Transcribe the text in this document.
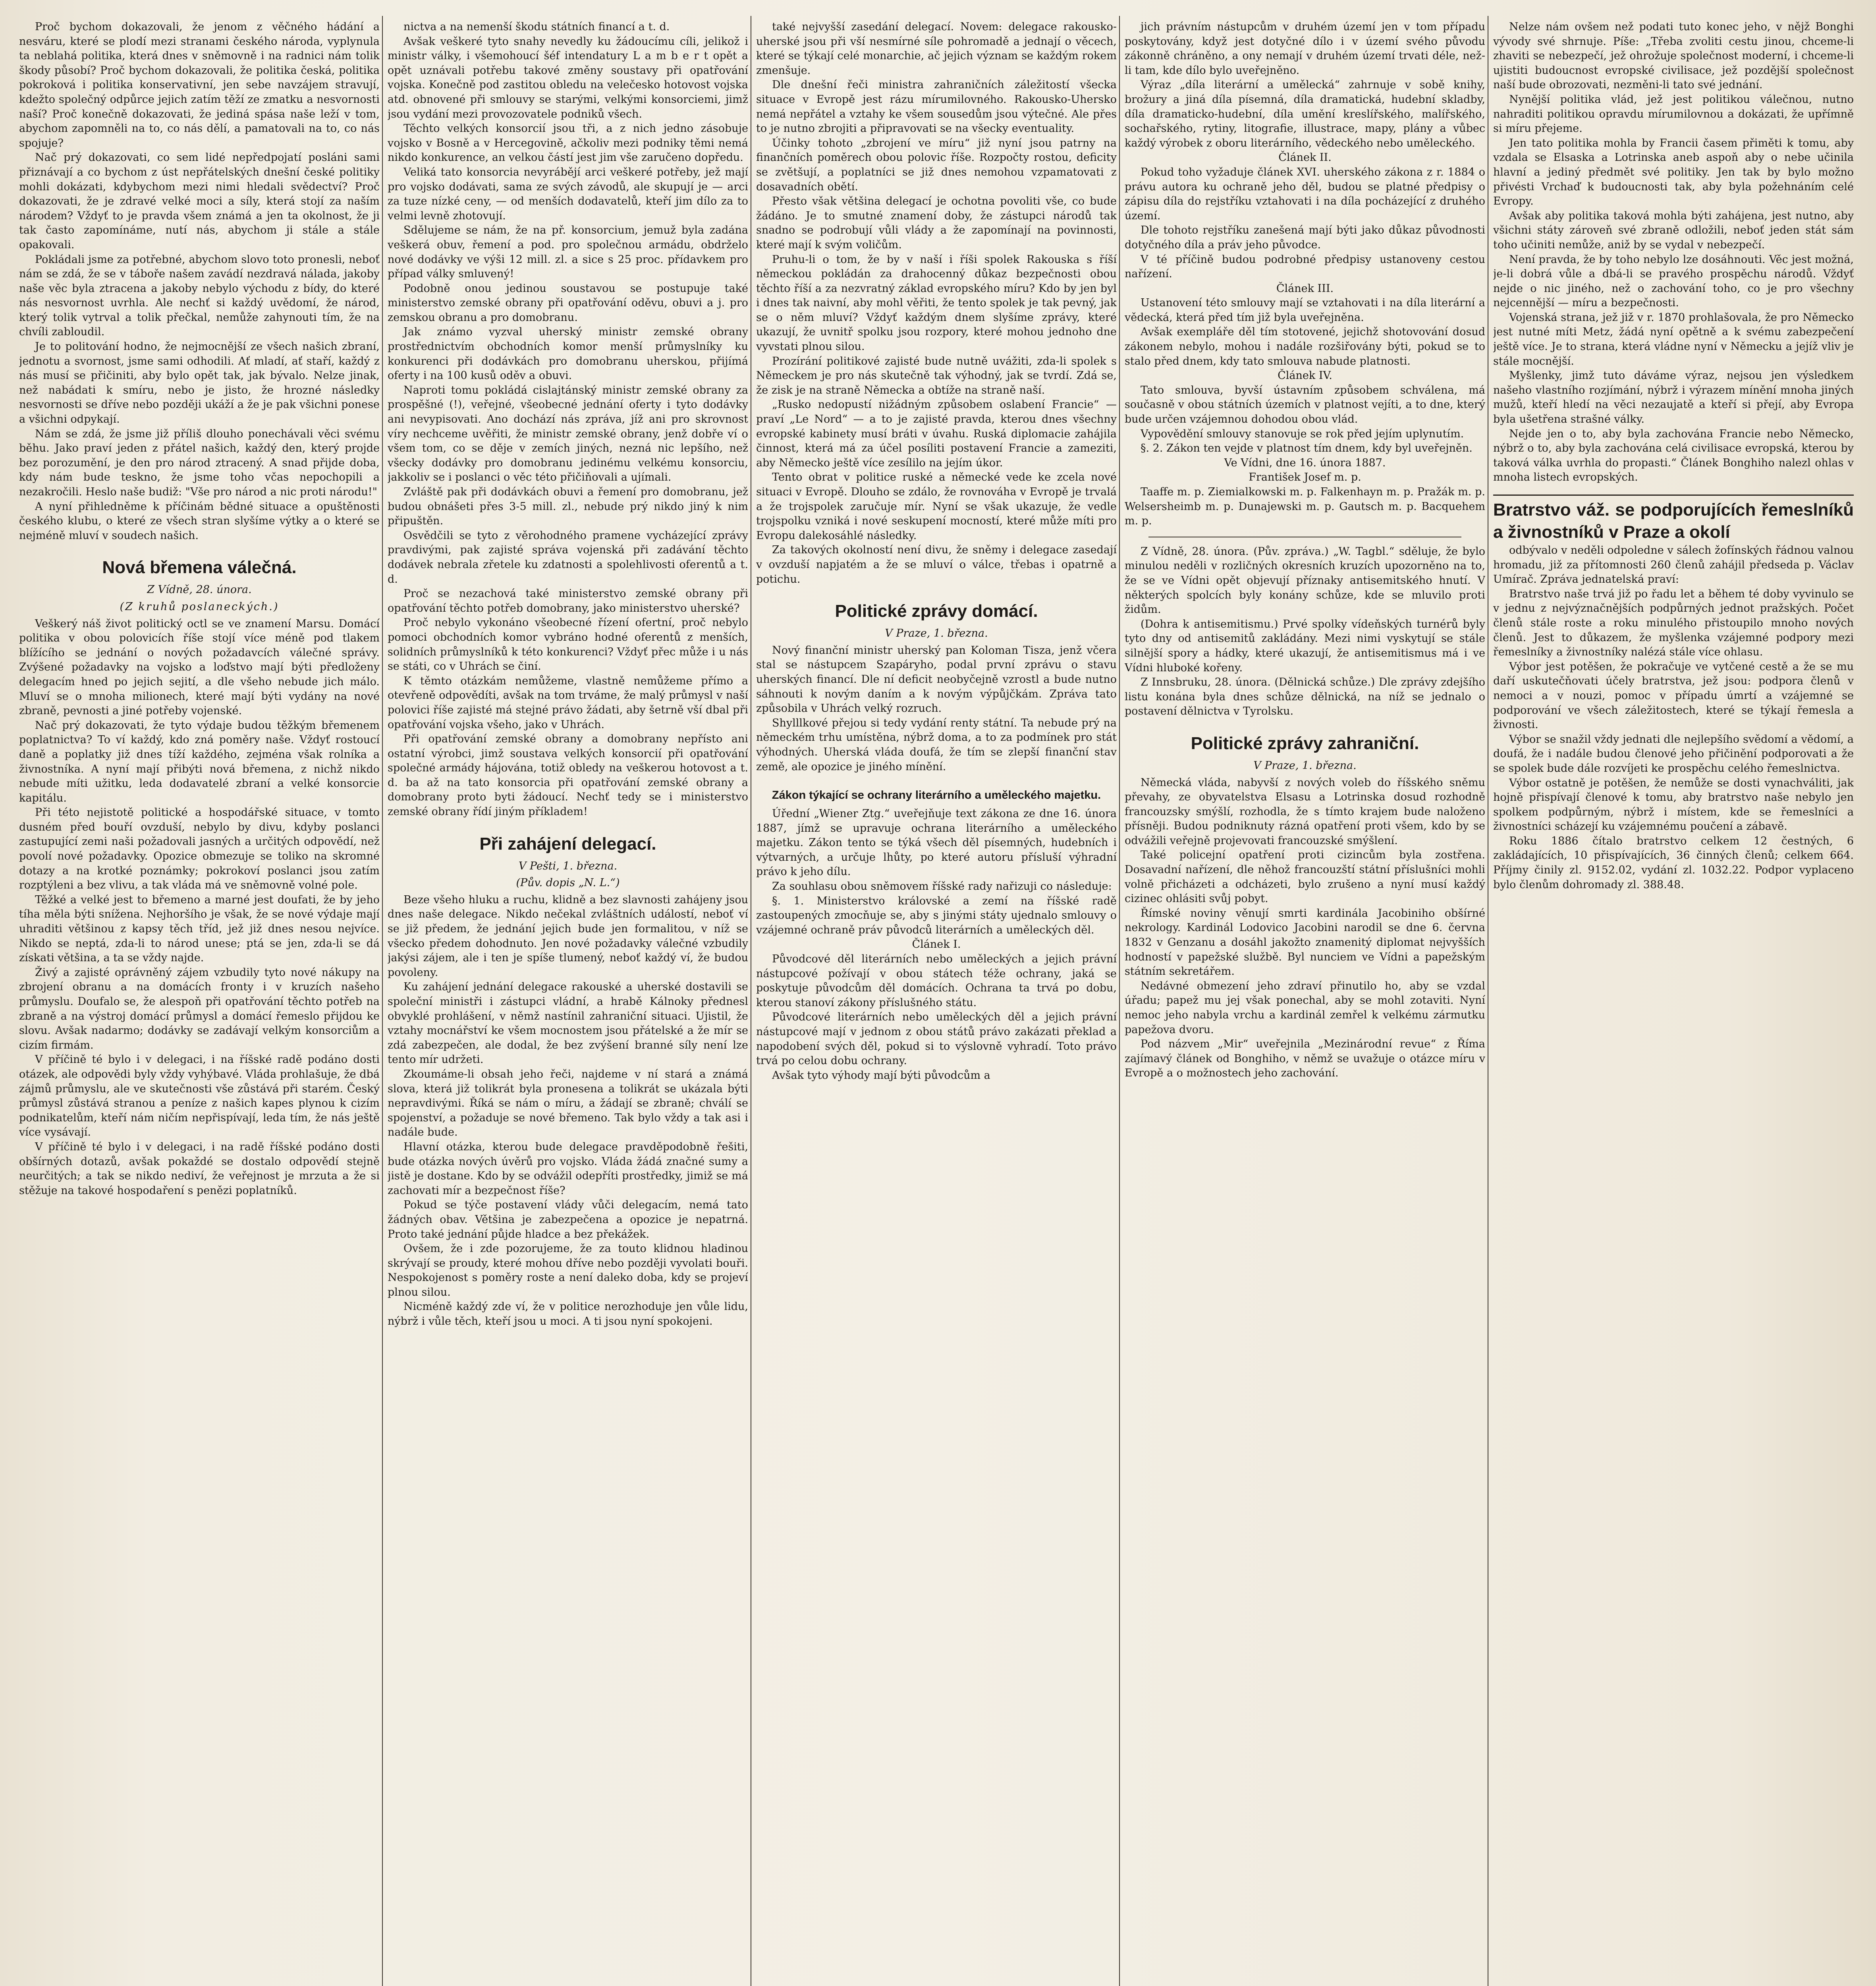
Proč bychom dokazovali, že jenom z věčného hádání a nesváru, které se plodí mezi stranami českého národa, vyplynula ta neblahá politika, která dnes v sněmovně i na radnici nám tolik škody působí? Proč bychom dokazovali, že politika česká, politika pokroková i politika konservativní, jen sebe navzájem stravují, kdežto společný odpůrce jejich zatím těží ze zmatku a nesvornosti naší? Proč konečně dokazovati, že jediná spása naše leží v tom, abychom zapomněli na to, co nás dělí, a pamatovali na to, co nás spojuje?

Nač prý dokazovati, co sem lidé nepředpojatí posláni sami přiznávají a co bychom z úst nepřátelských dnešní české politiky mohli dokázati, kdybychom mezi nimi hledali svědectví? Proč dokazovati, že je zdravé velké moci a síly, která stojí za naším národem? Vždyť to je pravda všem známá a jen ta okolnost, že ji tak často zapomínáme, nutí nás, abychom ji stále a stále opakovali.

Pokládali jsme za potřebné, abychom slovo toto pronesli, neboť nám se zdá, že se v táboře našem zavádí nezdravá nálada, jakoby naše věc byla ztracena a jakoby nebylo východu z bídy, do které nás nesvornost uvrhla. Ale nechť si každý uvědomí, že národ, který tolik vytrval a tolik přečkal, nemůže zahynouti tím, že na chvíli zabloudil.

Je to politování hodno, že nejmocnější ze všech našich zbraní, jednotu a svornost, jsme sami odhodili. Ať mladí, ať staří, každý z nás musí se přičiniti, aby bylo opět tak, jak bývalo. Nelze jinak, než nabádati k smíru, nebo je jisto, že hrozné následky nesvornosti se dříve nebo později ukáží a že je pak všichni ponese a všichni odpykají.

Nám se zdá, že jsme již příliš dlouho ponechávali věci svému běhu. Jako praví jeden z přátel našich, každý den, který projde bez porozumění, je den pro národ ztracený. A snad přijde doba, kdy nám bude teskno, že jsme toho včas nepochopili a nezakročili. Heslo naše budiž: "Vše pro národ a nic proti národu!"

A nyní přihledněme k příčinám bědné situace a opuštěnosti českého klubu, o které ze všech stran slyšíme výtky a o které se nejméně mluví v soudech našich.

Nová břemena válečná.
Z Vídně, 28. února.
(Z kruhů poslaneckých.)

Veškerý náš život politický octl se ve znamení Marsu. Domácí politika v obou polovicích říše stojí více méně pod tlakem blížícího se jednání o nových požadavcích válečné správy. Zvýšené požadavky na vojsko a loďstvo mají býti předloženy delegacím hned po jejich sejití, a dle všeho nebude jich málo. Mluví se o mnoha milionech, které mají býti vydány na nové zbraně, pevnosti a jiné potřeby vojenské.

Nač prý dokazovati, že tyto výdaje budou těžkým břemenem poplatnictva? To ví každý, kdo zná poměry naše. Vždyť rostoucí daně a poplatky již dnes tíží každého, zejména však rolníka a živnostníka. A nyní mají přibýti nová břemena, z nichž nikdo nebude míti užitku, leda dodavatelé zbraní a velké konsorcie kapitálu.

Při této nejistotě politické a hospodářské situace, v tomto dusném před bouří ovzduší, nebylo by divu, kdyby poslanci zastupující zemi naši požadovali jasných a určitých odpovědí, než povolí nové požadavky. Opozice obmezuje se toliko na skromné dotazy a na krotké poznámky; pokrokoví poslanci jsou zatím rozptýleni a bez vlivu, a tak vláda má ve sněmovně volné pole.

Těžké a velké jest to břemeno a marné jest doufati, že by jeho tíha měla býti snížena. Nejhoršího je však, že se nové výdaje mají uhraditi většinou z kapsy těch tříd, jež již dnes nesou nejvíce. Nikdo se neptá, zda-li to národ unese; ptá se jen, zda-li se dá získati většina, a ta se vždy najde.

Živý a zajisté oprávněný zájem vzbudily tyto nové nákupy na zbrojení obranu a na domácích fronty i v kruzích našeho průmyslu. Doufalo se, že alespoň při opatřování těchto potřeb na zbraně a na výstroj domácí průmysl a domácí řemeslo přijdou ke slovu. Avšak nadarmo; dodávky se zadávají velkým konsorciům a cizím firmám.

V příčině té bylo i v delegaci, i na říšské radě podáno dosti otázek, ale odpovědi byly vždy vyhýbavé. Vláda prohlašuje, že dbá zájmů průmyslu, ale ve skutečnosti vše zůstává při starém. Český průmysl zůstává stranou a peníze z našich kapes plynou k cizím podnikatelům, kteří nám ničím nepřispívají, leda tím, že nás ještě více vysávají.

V příčině té bylo i v delegaci, i na radě říšské podáno dosti obšírných dotazů, avšak pokaždé se dostalo odpovědí stejně neurčitých; a tak se nikdo nediví, že veřejnost je mrzuta a že si stěžuje na takové hospodaření s penězi poplatníků.

nictva a na nemenší škodu státních financí a t. d.

Avšak veškeré tyto snahy nevedly ku žádoucímu cíli, jelikož i ministr války, i všemohoucí šéf intendatury L a m b e r t opět a opět uznávali potřebu takové změny soustavy při opatřování vojska. Konečně pod zastitou obledu na velečesko hotovost vojska atd. obnovené při smlouvy se starými, velkými konsorciemi, jimž jsou vydání mezi provozovatele podniků všech.

Těchto velkých konsorcií jsou tři, a z nich jedno zásobuje vojsko v Bosně a v Hercegovině, ačkoliv mezi podniky těmi nemá nikdo konkurence, an velkou částí jest jim vše zaručeno dopředu.

Veliká tato konsorcia nevyrábějí arci veškeré potřeby, jež mají pro vojsko dodávati, sama ze svých závodů, ale skupují je — arci za tuze nízké ceny, — od menších dodavatelů, kteří jim dílo za to velmi levně zhotovují.

Sdělujeme se nám, že na př. konsorcium, jemuž byla zadána veškerá obuv, řemení a pod. pro společnou armádu, obdrželo nové dodávky ve výši 12 mill. zl. a sice s 25 proc. přídavkem pro případ války smluvený!

Podobně onou jedinou soustavou se postupuje také ministerstvo zemské obrany při opatřování oděvu, obuvi a j. pro zemskou obranu a pro domobranu.

Jak známo vyzval uherský ministr zemské obrany prostřednictvím obchodních komor menší průmyslníky ku konkurenci při dodávkách pro domobranu uherskou, přijímá oferty i na 100 kusů oděv a obuvi.

Naproti tomu pokládá cislajtánský ministr zemské obrany za prospěšné (!), veřejné, všeobecné jednání oferty i tyto dodávky ani nevypisovati. Ano dochází nás zpráva, jíž ani pro skrovnost víry nechceme uvěřiti, že ministr zemské obrany, jenž dobře ví o všem tom, co se děje v zemích jiných, nezná nic lepšího, než všecky dodávky pro domobranu jedinému velkému konsorciu, jakkoliv se i poslanci o věc této přičiňovali a ujímali.

Zvláště pak při dodávkách obuvi a řemení pro domobranu, jež budou obnášeti přes 3-5 mill. zl., nebude prý nikdo jiný k nim připuštěn.

Osvědčili se tyto z věrohodného pramene vycházející zprávy pravdivými, pak zajisté správa vojenská při zadávání těchto dodávek nebrala zřetele ku zdatnosti a spolehlivosti oferentů a t. d.

Proč se nezachová také ministerstvo zemské obrany při opatřování těchto potřeb domobrany, jako ministerstvo uherské?

Proč nebylo vykonáno všeobecné řízení ofertní, proč nebylo pomoci obchodních komor vybráno hodné oferentů z menších, solidních průmyslníků k této konkurenci? Vždyť přec může i u nás se státi, co v Uhrách se činí.

K těmto otázkám nemůžeme, vlastně nemůžeme přímo a otevřeně odpovědíti, avšak na tom trváme, že malý průmysl v naší polovici říše zajisté má stejné právo žádati, aby šetrně vší dbal při opatřování vojska všeho, jako v Uhrách.

Při opatřování zemské obrany a domobrany nepřísto ani ostatní výrobci, jimž soustava velkých konsorcií při opatřování společné armády hájována, totiž obledy na veškerou hotovost a t. d. ba až na tato konsorcia při opatřování zemské obrany a domobrany proto byti žádoucí. Nechť tedy se i ministerstvo zemské obrany řídí jiným příkladem!

Při zahájení delegací.
V Pešti, 1. března.
(Pův. dopis „N. L.“)

Beze všeho hluku a ruchu, klidně a bez slavnosti zahájeny jsou dnes naše delegace. Nikdo nečekal zvláštních událostí, neboť ví se již předem, že jednání jejich bude jen formalitou, v níž se všecko předem dohodnuto. Jen nové požadavky válečné vzbudily jakýsi zájem, ale i ten je spíše tlumený, neboť každý ví, že budou povoleny.

Ku zahájení jednání delegace rakouské a uherské dostavili se společní ministři i zástupci vládní, a hrabě Kálnoky přednesl obvyklé prohlášení, v němž nastínil zahraniční situaci. Ujistil, že vztahy mocnářství ke všem mocnostem jsou přátelské a že mír se zdá zabezpečen, ale dodal, že bez zvýšení branné síly není lze tento mír udržeti.

Zkoumáme-li obsah jeho řeči, najdeme v ní stará a známá slova, která již tolikrát byla pronesena a tolikrát se ukázala býti nepravdivými. Říká se nám o míru, a žádají se zbraně; chválí se spojenství, a požaduje se nové břemeno. Tak bylo vždy a tak asi i nadále bude.

Hlavní otázka, kterou bude delegace pravděpodobně řešiti, bude otázka nových úvěrů pro vojsko. Vláda žádá značné sumy a jistě je dostane. Kdo by se odvážil odepříti prostředky, jimiž se má zachovati mír a bezpečnost říše?

Pokud se týče postavení vlády vůči delegacím, nemá tato žádných obav. Většina je zabezpečena a opozice je nepatrná. Proto také jednání půjde hladce a bez překážek.

Ovšem, že i zde pozorujeme, že za touto klidnou hladinou skrývají se proudy, které mohou dříve nebo později vyvolati bouři. Nespokojenost s poměry roste a není daleko doba, kdy se projeví plnou silou.

Nicméně každý zde ví, že v politice nerozhoduje jen vůle lidu, nýbrž i vůle těch, kteří jsou u moci. A ti jsou nyní spokojeni.

také nejvyšší zasedání delegací. Novem: delegace rakousko-uherské jsou při vší nesmírné síle pohromadě a jednají o věcech, které se týkají celé monarchie, ač jejich význam se každým rokem zmenšuje.

Dle dnešní řeči ministra zahraničních záležitostí všecka situace v Evropě jest rázu mírumilovného. Rakousko-Uhersko nemá nepřátel a vztahy ke všem sousedům jsou výtečné. Ale přes to je nutno zbrojiti a připravovati se na všecky eventuality.

Účinky tohoto „zbrojení ve míru“ již nyní jsou patrny na finančních poměrech obou polovic říše. Rozpočty rostou, deficity se zvětšují, a poplatníci se již dnes nemohou vzpamatovati z dosavadních obětí.

Přesto však většina delegací je ochotna povoliti vše, co bude žádáno. Je to smutné znamení doby, že zástupci národů tak snadno se podrobují vůli vlády a že zapomínají na povinnosti, které mají k svým voličům.

Pruhu-li o tom, že by v naší i říši spolek Rakouska s říší německou pokládán za drahocenný důkaz bezpečnosti obou těchto říší a za nezvratný základ evropského míru? Kdo by jen byl i dnes tak naivní, aby mohl věřiti, že tento spolek je tak pevný, jak se o něm mluví? Vždyť každým dnem slyšíme zprávy, které ukazují, že uvnitř spolku jsou rozpory, které mohou jednoho dne vyvstati plnou silou.

Prozírání politikové zajisté bude nutně uvážiti, zda-li spolek s Německem je pro nás skutečně tak výhodný, jak se tvrdí. Zdá se, že zisk je na straně Německa a obtíže na straně naší.

„Rusko nedopustí nižádným způsobem oslabení Francie“ — praví „Le Nord“ — a to je zajisté pravda, kterou dnes všechny evropské kabinety musí bráti v úvahu. Ruská diplomacie zahájila činnost, která má za účel posíliti postavení Francie a zameziti, aby Německo ještě více zesílilo na jejím úkor.

Tento obrat v politice ruské a německé vede ke zcela nové situaci v Evropě. Dlouho se zdálo, že rovnováha v Evropě je trvalá a že trojspolek zaručuje mír. Nyní se však ukazuje, že vedle trojspolku vzniká i nové seskupení mocností, které může míti pro Evropu dalekosáhlé následky.

Za takových okolností není divu, že sněmy i delegace zasedají v ovzduší napjatém a že se mluví o válce, třebas i opatrně a potichu.

Politické zprávy domácí.
V Praze, 1. března.

Nový finanční ministr uherský pan Koloman Tisza, jenž včera stal se nástupcem Szapáryho, podal první zprávu o stavu uherských financí. Dle ní deficit neobyčejně vzrostl a bude nutno sáhnouti k novým daním a k novým výpůjčkám. Zpráva tato způsobila v Uhrách velký rozruch.

Shylllkové přejou si tedy vydání renty státní. Ta nebude prý na německém trhu umístěna, nýbrž doma, a to za podmínek pro stát výhodných. Uherská vláda doufá, že tím se zlepší finanční stav země, ale opozice je jiného mínění.

Zákon týkající se ochrany literárního a uměleckého majetku.

Úřední „Wiener Ztg.“ uveřejňuje text zákona ze dne 16. února 1887, jímž se upravuje ochrana literárního a uměleckého majetku. Zákon tento se týká všech děl písemných, hudebních i výtvarných, a určuje lhůty, po které autoru přísluší výhradní právo k jeho dílu.

Za souhlasu obou sněmovem říšské rady nařizuji co následuje:

§. 1. Ministerstvo královské a zemí na říšské radě zastoupených zmocňuje se, aby s jinými státy ujednalo smlouvy o vzájemné ochraně práv původců literárních a uměleckých děl.

Článek I.

Původcové děl literárních nebo uměleckých a jejich právní nástupcové požívají v obou státech téže ochrany, jaká se poskytuje původcům děl domácích. Ochrana ta trvá po dobu, kterou stanoví zákony příslušného státu.

Původcové literárních nebo uměleckých děl a jejich právní nástupcové mají v jednom z obou států právo zakázati překlad a napodobení svých děl, pokud si to výslovně vyhradí. Toto právo trvá po celou dobu ochrany.

Avšak tyto výhody mají býti původcům a

jich právním nástupcům v druhém území jen v tom případu poskytovány, když jest dotyčné dílo i v území svého původu zákonně chráněno, a ony nemají v druhém území trvati déle, než-li tam, kde dílo bylo uveřejněno.

Výraz „díla literární a umělecká“ zahrnuje v sobě knihy, brožury a jiná díla písemná, díla dramatická, hudební skladby, díla dramaticko-hudební, díla umění kreslířského, malířského, sochařského, rytiny, litografie, illustrace, mapy, plány a vůbec každý výrobek z oboru literárního, vědeckého nebo uměleckého.

Článek II.

Pokud toho vyžaduje článek XVI. uherského zákona z r. 1884 o právu autora ku ochraně jeho děl, budou se platné předpisy o zápisu díla do rejstříku vztahovati i na díla pocházející z druhého území.

Dle tohoto rejstříku zanešená mají býti jako důkaz původnosti dotyčného díla a práv jeho původce.

V té příčině budou podrobné předpisy ustanoveny cestou nařízení.

Článek III.

Ustanovení této smlouvy mají se vztahovati i na díla literární a vědecká, která před tím již byla uveřejněna.

Avšak exempláře děl tím stotovené, jejichž shotovování dosud zákonem nebylo, mohou i nadále rozšiřovány býti, pokud se to stalo před dnem, kdy tato smlouva nabude platnosti.

Článek IV.

Tato smlouva, byvší ústavním způsobem schválena, má současně v obou státních územích v platnost vejíti, a to dne, který bude určen vzájemnou dohodou obou vlád.

Vypovědění smlouvy stanovuje se rok před jejím uplynutím.

§. 2. Zákon ten vejde v platnost tím dnem, kdy byl uveřejněn.

Ve Vídni, dne 16. února 1887.

František Josef m. p.

Taaffe m. p. Ziemialkowski m. p. Falkenhayn m. p. Pražák m. p. Welsersheimb m. p. Dunajewski m. p. Gautsch m. p. Bacquehem m. p.

Z Vídně, 28. února. (Pův. zpráva.) „W. Tagbl.“ sděluje, že bylo minulou neděli v rozličných okresních kruzích upozorněno na to, že se ve Vídni opět objevují příznaky antisemitského hnutí. V některých spolcích byly konány schůze, kde se mluvilo proti židům.

(Dohra k antisemitismu.) Prvé spolky vídeňských turnérů byly tyto dny od antisemitů zakládány. Mezi nimi vyskytují se stále silnější spory a hádky, které ukazují, že antisemitismus má i ve Vídni hluboké kořeny.

Z Innsbruku, 28. února. (Dělnická schůze.) Dle zprávy zdejšího listu konána byla dnes schůze dělnická, na níž se jednalo o postavení dělnictva v Tyrolsku.

Politické zprávy zahraniční.
V Praze, 1. března.

Německá vláda, nabyvší z nových voleb do říšského sněmu převahy, ze obyvatelstva Elsasu a Lotrinska dosud rozhodně francouzsky smýšlí, rozhodla, že s tímto krajem bude naloženo přísněji. Budou podniknuty rázná opatření proti všem, kdo by se odvážili veřejně projevovati francouzské smýšlení.

Také policejní opatření proti cizincům byla zostřena. Dosavadní nařízení, dle něhož francouzští státní příslušníci mohli volně přicházeti a odcházeti, bylo zrušeno a nyní musí každý cizinec ohlásiti svůj pobyt.

Římské noviny věnují smrti kardinála Jacobiniho obšírné nekrology. Kardinál Lodovico Jacobini narodil se dne 6. června 1832 v Genzanu a dosáhl jakožto znamenitý diplomat nejvyšších hodností v papežské službě. Byl nunciem ve Vídni a papežským státním sekretářem.

Nedávné obmezení jeho zdraví přinutilo ho, aby se vzdal úřadu; papež mu jej však ponechal, aby se mohl zotaviti. Nyní nemoc jeho nabyla vrchu a kardinál zemřel k velkému zármutku papežova dvoru.

Pod názvem „Mir“ uveřejnila „Mezinárodní revue“ z Říma zajímavý článek od Bonghiho, v němž se uvažuje o otázce míru v Evropě a o možnostech jeho zachování.

Nelze nám ovšem než podati tuto konec jeho, v nějž Bonghi vývody své shrnuje. Píše: „Třeba zvoliti cestu jinou, chceme-li zhaviti se nebezpečí, jež ohrožuje společnost moderní, i chceme-li ujistiti budoucnost evropské civilisace, jež pozdější společnost naší bude obrozovati, nezměni-li tato své jednání.

Nynější politika vlád, jež jest politikou válečnou, nutno nahraditi politikou opravdu mírumilovnou a dokázati, že upřímně si míru přejeme.

Jen tato politika mohla by Francii časem přiměti k tomu, aby vzdala se Elsaska a Lotrinska aneb aspoň aby o nebe učinila hlavní a jediný předmět své politiky. Jen tak by bylo možno přivésti Vrchaď k budoucnosti tak, aby byla požehnáním celé Evropy.

Avšak aby politika taková mohla býti zahájena, jest nutno, aby všichni státy zároveň své zbraně odložili, neboť jeden stát sám toho učiniti nemůže, aniž by se vydal v nebezpečí.

Není pravda, že by toho nebylo lze dosáhnouti. Věc jest možná, je-li dobrá vůle a dbá-li se pravého prospěchu národů. Vždyť nejde o nic jiného, než o zachování toho, co je pro všechny nejcennější — míru a bezpečnosti.

Vojenská strana, jež již v r. 1870 prohlašovala, že pro Německo jest nutné míti Metz, žádá nyní opětně a k svému zabezpečení ještě více. Je to strana, která vládne nyní v Německu a jejíž vliv je stále mocnější.

Myšlenky, jimž tuto dáváme výraz, nejsou jen výsledkem našeho vlastního rozjímání, nýbrž i výrazem mínění mnoha jiných mužů, kteří hledí na věci nezaujatě a kteří si přejí, aby Evropa byla ušetřena strašné války.

Nejde jen o to, aby byla zachována Francie nebo Německo, nýbrž o to, aby byla zachována celá civilisace evropská, kterou by taková válka uvrhla do propasti.“ Článek Bonghiho nalezl ohlas v mnoha listech evropských.

Bratrstvo váž. se podporujících řemeslníků a živnostníků v Praze a okolí

odbývalo v neděli odpoledne v sálech žofínských řádnou valnou hromadu, již za přítomnosti 260 členů zahájil předseda p. Václav Umírač. Zpráva jednatelská praví:

Bratrstvo naše trvá již po řadu let a během té doby vyvinulo se v jednu z nejvýznačnějších podpůrných jednot pražských. Počet členů stále roste a roku minulého přistoupilo mnoho nových členů. Jest to důkazem, že myšlenka vzájemné podpory mezi řemeslníky a živnostníky nalézá stále více ohlasu.

Výbor jest potěšen, že pokračuje ve vytčené cestě a že se mu daří uskutečňovati účely bratrstva, jež jsou: podpora členů v nemoci a v nouzi, pomoc v případu úmrtí a vzájemné se podporování ve všech záležitostech, které se týkají řemesla a živnosti.

Výbor se snažil vždy jednati dle nejlepšího svědomí a vědomí, a doufá, že i nadále budou členové jeho přičinění podporovati a že se spolek bude dále rozvíjeti ke prospěchu celého řemeslnictva.

Výbor ostatně je potěšen, že nemůže se dosti vynachváliti, jak hojně přispívají členové k tomu, aby bratrstvo naše nebylo jen spolkem podpůrným, nýbrž i místem, kde se řemeslníci a živnostníci scházejí ku vzájemnému poučení a zábavě.

Roku 1886 čítalo bratrstvo celkem 12 čestných, 6 zakládajících, 10 přispívajících, 36 činných členů; celkem 664. Příjmy činily zl. 9152.02, vydání zl. 1032.22. Podpor vyplaceno bylo členům dohromady zl. 388.48.
